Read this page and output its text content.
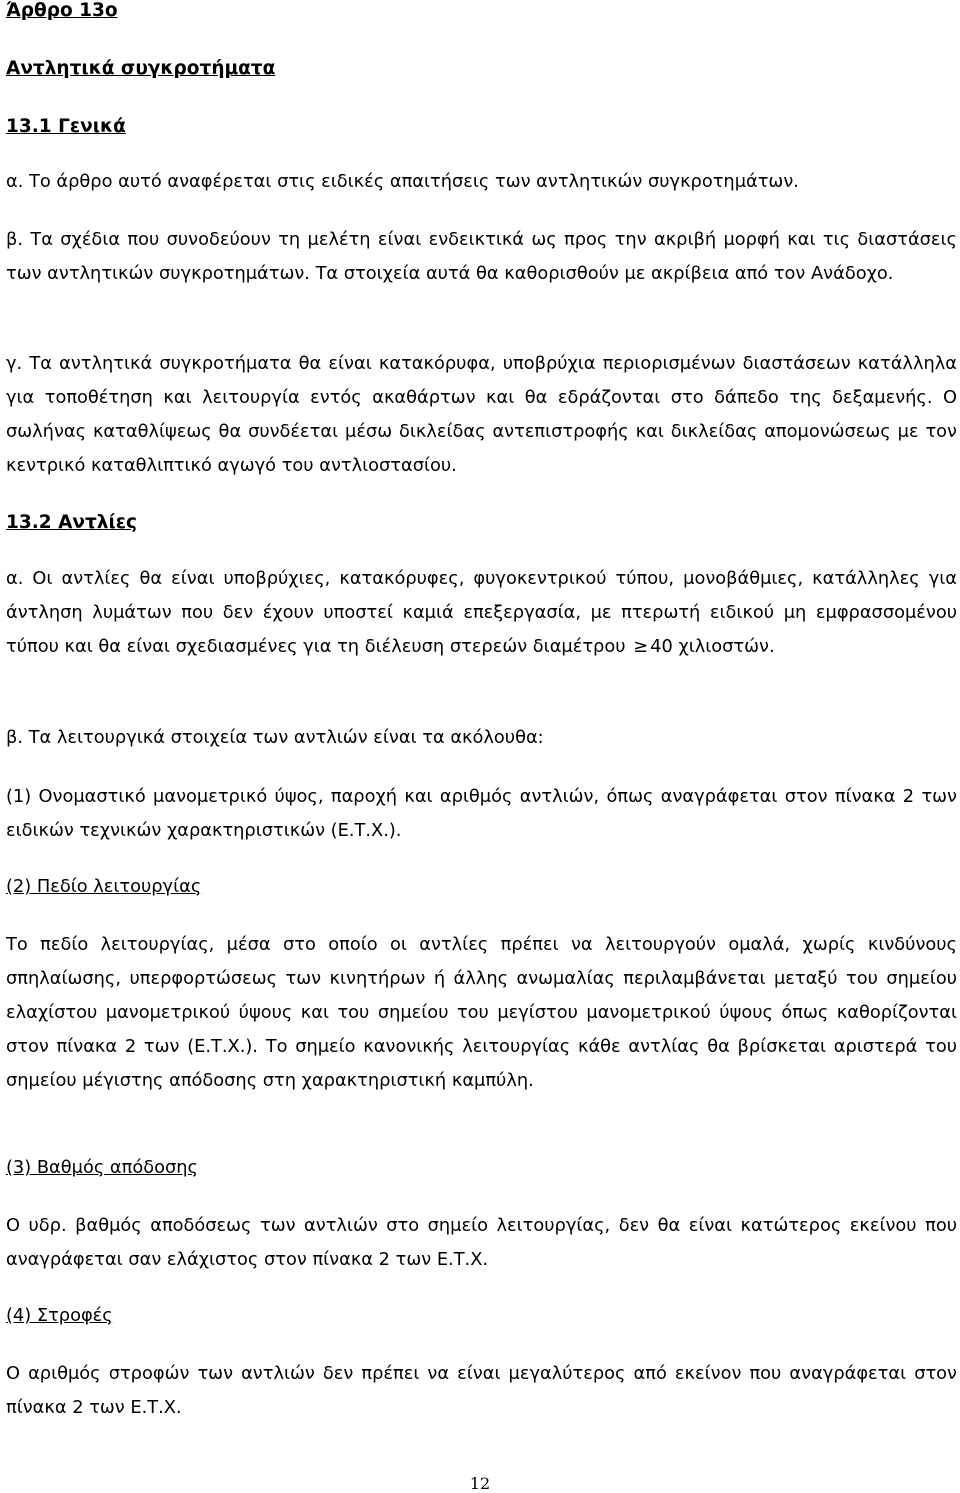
Άρθρο 13ο
Αντλητικά συγκροτήματα
13.1 Γενικά
α. Το άρθρο αυτό αναφέρεται στις ειδικές απαιτήσεις των αντλητικών συγκροτημάτων.
β. Τα σχέδια που συνοδεύουν τη μελέτη είναι ενδεικτικά ως προς την ακριβή μορφή και τις διαστάσεις των αντλητικών συγκροτημάτων. Τα στοιχεία αυτά θα καθορισθούν με ακρίβεια από τον Ανάδοχο.
γ. Τα αντλητικά συγκροτήματα θα είναι κατακόρυφα, υποβρύχια περιορισμένων διαστάσεων κατάλληλα για τοποθέτηση και λειτουργία εντός ακαθάρτων και θα εδράζονται στο δάπεδο της δεξαμενής. Ο σωλήνας καταθλίψεως θα συνδέεται μέσω δικλείδας αντεπιστροφής και δικλείδας απομονώσεως με τον κεντρικό καταθλιπτικό αγωγό του αντλιοστασίου.
13.2 Αντλίες
α. Οι αντλίες θα είναι υποβρύχιες, κατακόρυφες, φυγοκεντρικού τύπου, μονοβάθμιες, κατάλληλες για άντληση λυμάτων που δεν έχουν υποστεί καμιά επεξεργασία, με πτερωτή ειδικού μη εμφρασσομένου τύπου και θα είναι σχεδιασμένες για τη διέλευση στερεών διαμέτρου ≥ 40 χιλιοστών.
β. Τα λειτουργικά στοιχεία των αντλιών είναι τα ακόλουθα:
(1) Ονομαστικό μανομετρικό ύψος, παροχή και αριθμός αντλιών, όπως αναγράφεται στον πίνακα 2 των ειδικών τεχνικών χαρακτηριστικών (Ε.Τ.Χ.).
(2) Πεδίο λειτουργίας
Το πεδίο λειτουργίας, μέσα στο οποίο οι αντλίες πρέπει να λειτουργούν ομαλά, χωρίς κινδύνους σπηλαίωσης, υπερφορτώσεως των κινητήρων ή άλλης ανωμαλίας περιλαμβάνεται μεταξύ του σημείου ελαχίστου μανομετρικού ύψους και του σημείου του μεγίστου μανομετρικού ύψους όπως καθορίζονται στον πίνακα 2 των (Ε.Τ.Χ.). Το σημείο κανονικής λειτουργίας κάθε αντλίας θα βρίσκεται αριστερά του σημείου μέγιστης απόδοσης στη χαρακτηριστική καμπύλη.
(3) Βαθμός απόδοσης
Ο υδρ. βαθμός αποδόσεως των αντλιών στο σημείο λειτουργίας, δεν θα είναι κατώτερος εκείνου που αναγράφεται σαν ελάχιστος στον πίνακα 2 των Ε.Τ.Χ.
(4) Στροφές
Ο αριθμός στροφών των αντλιών δεν πρέπει να είναι μεγαλύτερος από εκείνον που αναγράφεται στον πίνακα 2 των Ε.Τ.Χ.
12
